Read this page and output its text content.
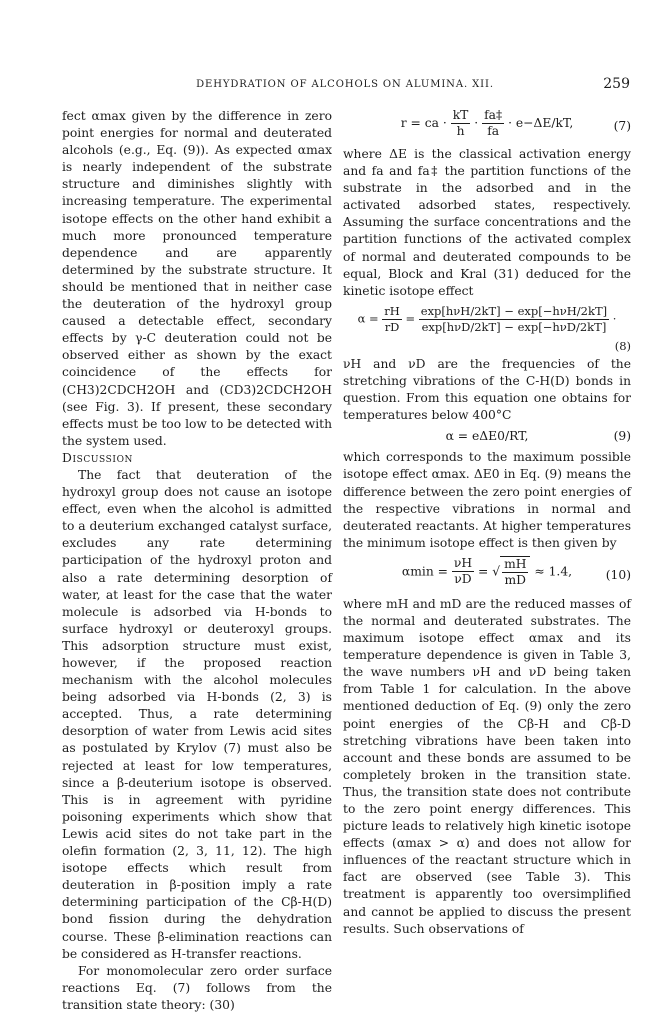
DEHYDRATION OF ALCOHOLS ON ALUMINA. XII.	259

fect αmax given by the difference in zero point energies for normal and deuterated alcohols (e.g., Eq. (9)). As expected αmax is nearly independent of the substrate structure and diminishes slightly with increasing temperature. The experimental isotope effects on the other hand exhibit a much more pronounced temperature dependence and are apparently determined by the substrate structure. It should be mentioned that in neither case the deuteration of the hydroxyl group caused a detectable effect, secondary effects by γ-C deuteration could not be observed either as shown by the exact coincidence of the effects for (CH3)2CDCH2OH and (CD3)2CDCH2OH (see Fig. 3). If present, these secondary effects must be too low to be detected with the system used.

Discussion

The fact that deuteration of the hydroxyl group does not cause an isotope effect, even when the alcohol is admitted to a deuterium exchanged catalyst surface, excludes any rate determining participation of the hydroxyl proton and also a rate determining desorption of water, at least for the case that the water molecule is adsorbed via H-bonds to surface hydroxyl or deuteroxyl groups. This adsorption structure must exist, however, if the proposed reaction mechanism with the alcohol molecules being adsorbed via H-bonds (2, 3) is accepted. Thus, a rate determining desorption of water from Lewis acid sites as postulated by Krylov (7) must also be rejected at least for low temperatures, since a β-deuterium isotope is observed. This is in agreement with pyridine poisoning experiments which show that Lewis acid sites do not take part in the olefin formation (2, 3, 11, 12). The high isotope effects which result from deuteration in β-position imply a rate determining participation of the Cβ-H(D) bond fission during the dehydration course. These β-elimination reactions can be considered as H-transfer reactions.

For monomolecular zero order surface reactions Eq. (7) follows from the transition state theory: (30)

r = ca · $\frac{kT}{h} \cdot \frac{fa\ddagger}{fa} \cdot e-\Delta E/kT$,	(7)

where ΔE is the classical activation energy and fa and fa‡ the partition functions of the substrate in the adsorbed and in the activated adsorbed states, respectively. Assuming the surface concentrations and the partition functions of the activated complex of normal and deuterated compounds to be equal, Block and Kral (31) deduced for the kinetic isotope effect

$\alpha = \frac{rH}{rD} = \frac{\text{exp[hνH/2kT] − exp[−hνH/2kT]}}{\text{exp[hνD/2kT] − exp[−hνD/2kT]}}$ ·
(8)

νH and νD are the frequencies of the stretching vibrations of the C-H(D) bonds in question. From this equation one obtains for temperatures below 400°C

α = eΔE0/RT,	(9)

which corresponds to the maximum possible isotope effect αmax. ΔE0 in Eq. (9) means the difference between the zero point energies of the respective vibrations in normal and deuterated reactants. At higher temperatures the minimum isotope effect is then given by

$\alpha\min = \frac{\nu H}{\nu D}$ = √ $\frac{mH}{mD} \approx 1.4$,	(10)

where mH and mD are the reduced masses of the normal and deuterated substrates. The maximum isotope effect αmax and its temperature dependence is given in Table 3, the wave numbers νH and νD being taken from Table 1 for calculation. In the above mentioned deduction of Eq. (9) only the zero point energies of the Cβ-H and Cβ-D stretching vibrations have been taken into account and these bonds are assumed to be completely broken in the transition state. Thus, the transition state does not contribute to the zero point energy differences. This picture leads to relatively high kinetic isotope effects (αmax > α) and does not allow for influences of the reactant structure which in fact are observed (see Table 3). This treatment is apparently too oversimplified and cannot be applied to discuss the present results. Such observations of
